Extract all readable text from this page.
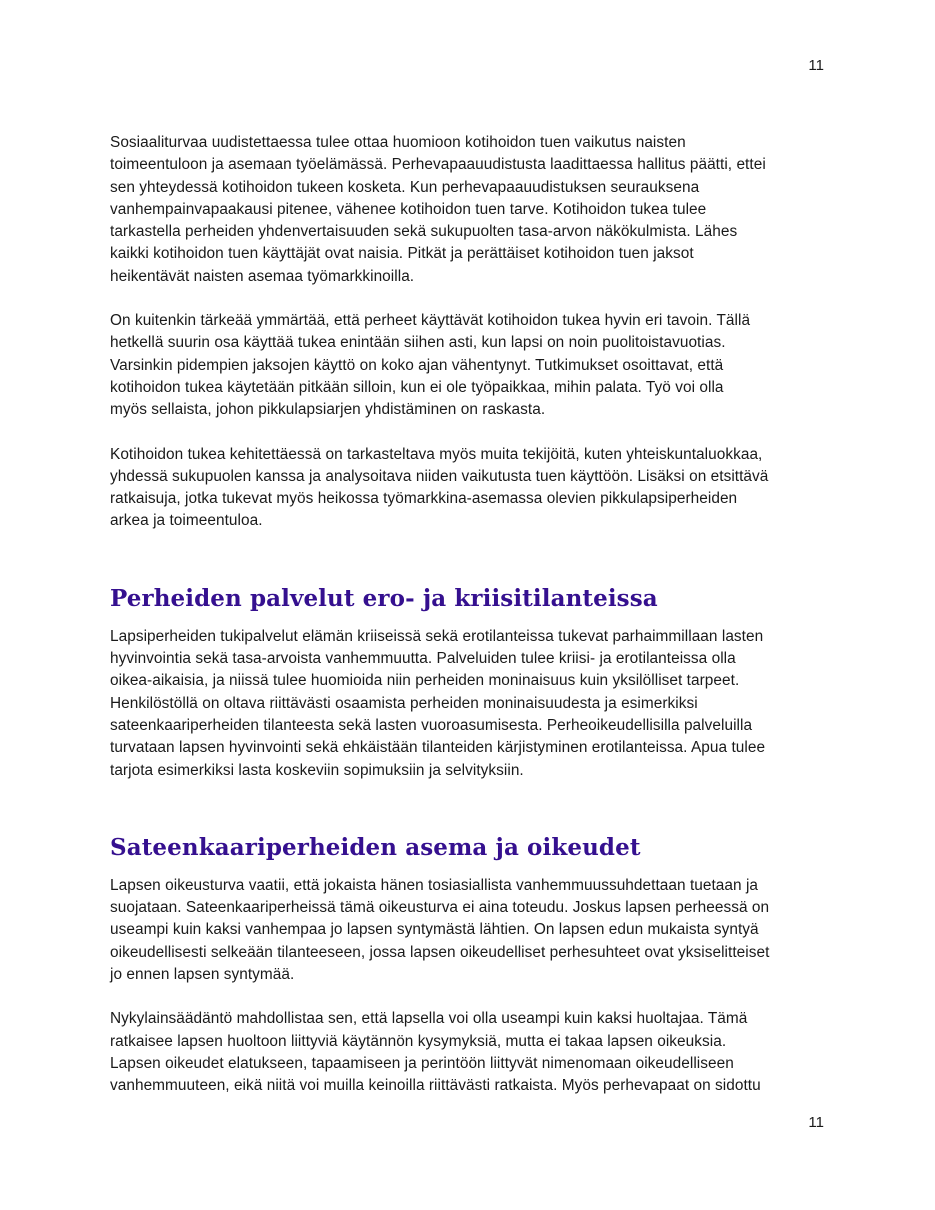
11

Sosiaaliturvaa uudistettaessa tulee ottaa huomioon kotihoidon tuen vaikutus naisten
toimeentuloon ja asemaan työelämässä. Perhevapaauudistusta laadittaessa hallitus päätti, ettei
sen yhteydessä kotihoidon tukeen kosketa. Kun perhevapaauudistuksen seurauksena
vanhempainvapaakausi pitenee, vähenee kotihoidon tuen tarve. Kotihoidon tukea tulee
tarkastella perheiden yhdenvertaisuuden sekä sukupuolten tasa-arvon näkökulmista. Lähes
kaikki kotihoidon tuen käyttäjät ovat naisia. Pitkät ja perättäiset kotihoidon tuen jaksot
heikentävät naisten asemaa työmarkkinoilla.

On kuitenkin tärkeää ymmärtää, että perheet käyttävät kotihoidon tukea hyvin eri tavoin. Tällä
hetkellä suurin osa käyttää tukea enintään siihen asti, kun lapsi on noin puolitoistavuotias.
Varsinkin pidempien jaksojen käyttö on koko ajan vähentynyt. Tutkimukset osoittavat, että
kotihoidon tukea käytetään pitkään silloin, kun ei ole työpaikkaa, mihin palata. Työ voi olla
myös sellaista, johon pikkulapsiarjen yhdistäminen on raskasta.

Kotihoidon tukea kehitettäessä on tarkasteltava myös muita tekijöitä, kuten yhteiskuntaluokkaa,
yhdessä sukupuolen kanssa ja analysoitava niiden vaikutusta tuen käyttöön. Lisäksi on etsittävä
ratkaisuja, jotka tukevat myös heikossa työmarkkina-asemassa olevien pikkulapsiperheiden
arkea ja toimeentuloa.

Perheiden palvelut ero- ja kriisitilanteissa

Lapsiperheiden tukipalvelut elämän kriiseissä sekä erotilanteissa tukevat parhaimmillaan lasten
hyvinvointia sekä tasa-arvoista vanhemmuutta. Palveluiden tulee kriisi- ja erotilanteissa olla
oikea-aikaisia, ja niissä tulee huomioida niin perheiden moninaisuus kuin yksilölliset tarpeet.
Henkilöstöllä on oltava riittävästi osaamista perheiden moninaisuudesta ja esimerkiksi
sateenkaariperheiden tilanteesta sekä lasten vuoroasumisesta. Perheoikeudellisilla palveluilla
turvataan lapsen hyvinvointi sekä ehkäistään tilanteiden kärjistyminen erotilanteissa. Apua tulee
tarjota esimerkiksi lasta koskeviin sopimuksiin ja selvityksiin.

Sateenkaariperheiden asema ja oikeudet

Lapsen oikeusturva vaatii, että jokaista hänen tosiasiallista vanhemmuussuhdettaan tuetaan ja
suojataan. Sateenkaariperheissä tämä oikeusturva ei aina toteudu. Joskus lapsen perheessä on
useampi kuin kaksi vanhempaa jo lapsen syntymästä lähtien. On lapsen edun mukaista syntyä
oikeudellisesti selkeään tilanteeseen, jossa lapsen oikeudelliset perhesuhteet ovat yksiselitteiset
jo ennen lapsen syntymää.

Nykylainsäädäntö mahdollistaa sen, että lapsella voi olla useampi kuin kaksi huoltajaa. Tämä
ratkaisee lapsen huoltoon liittyviä käytännön kysymyksiä, mutta ei takaa lapsen oikeuksia.
Lapsen oikeudet elatukseen, tapaamiseen ja perintöön liittyvät nimenomaan oikeudelliseen
vanhemmuuteen, eikä niitä voi muilla keinoilla riittävästi ratkaista. Myös perhevapaat on sidottu

11
